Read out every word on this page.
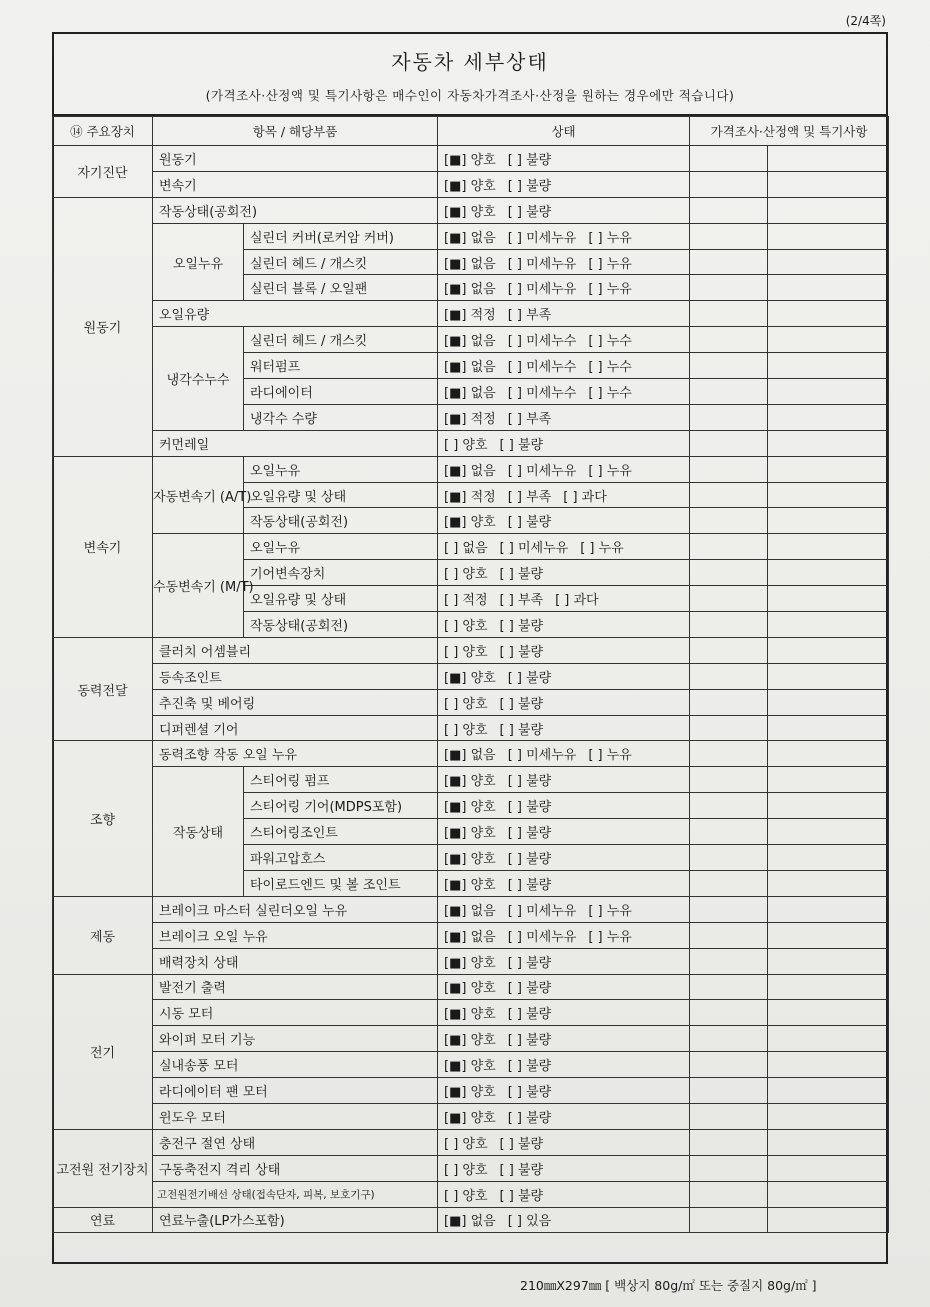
(2/4쪽)
자동차 세부상태
(가격조사·산정액 및 특기사항은 매수인이 자동차가격조사·산정을 원하는 경우에만 적습니다)
⑭ 주요장치	항목 / 해당부품		상태	가격조사·산정액 및 특기사항	
자기진단	원동기		[■] 양호 [ ] 불량		
	변속기		[■] 양호 [ ] 불량		
원동기	작동상태(공회전)		[■] 양호 [ ] 불량		
	오일누유	실린더 커버(로커암 커버)	[■] 없음 [ ] 미세누유 [ ] 누유		
		실린더 헤드 / 개스킷	[■] 없음 [ ] 미세누유 [ ] 누유		
		실린더 블록 / 오일팬	[■] 없음 [ ] 미세누유 [ ] 누유		
	오일유량		[■] 적정 [ ] 부족		
	냉각수누수	실린더 헤드 / 개스킷	[■] 없음 [ ] 미세누수 [ ] 누수		
		워터펌프	[■] 없음 [ ] 미세누수 [ ] 누수		
		라디에이터	[■] 없음 [ ] 미세누수 [ ] 누수		
		냉각수 수량	[■] 적정 [ ] 부족		
	커먼레일		[ ] 양호 [ ] 불량		
변속기	자동변속기 (A/T)	오일누유	[■] 없음 [ ] 미세누유 [ ] 누유		
		오일유량 및 상태	[■] 적정 [ ] 부족 [ ] 과다		
		작동상태(공회전)	[■] 양호 [ ] 불량		
	수동변속기 (M/T)	오일누유	[ ] 없음 [ ] 미세누유 [ ] 누유		
		기어변속장치	[ ] 양호 [ ] 불량		
		오일유량 및 상태	[ ] 적정 [ ] 부족 [ ] 과다		
		작동상태(공회전)	[ ] 양호 [ ] 불량		
동력전달	클러치 어셈블리		[ ] 양호 [ ] 불량		
	등속조인트		[■] 양호 [ ] 불량		
	추진축 및 베어링		[ ] 양호 [ ] 불량		
	디퍼렌셜 기어		[ ] 양호 [ ] 불량		
조향	동력조향 작동 오일 누유		[■] 없음 [ ] 미세누유 [ ] 누유		
	작동상태	스티어링 펌프	[■] 양호 [ ] 불량		
		스티어링 기어(MDPS포함)	[■] 양호 [ ] 불량		
		스티어링조인트	[■] 양호 [ ] 불량		
		파워고압호스	[■] 양호 [ ] 불량		
		타이로드엔드 및 볼 조인트	[■] 양호 [ ] 불량		
제동	브레이크 마스터 실린더오일 누유		[■] 없음 [ ] 미세누유 [ ] 누유		
	브레이크 오일 누유		[■] 없음 [ ] 미세누유 [ ] 누유		
	배력장치 상태		[■] 양호 [ ] 불량		
전기	발전기 출력		[■] 양호 [ ] 불량		
	시동 모터		[■] 양호 [ ] 불량		
	와이퍼 모터 기능		[■] 양호 [ ] 불량		
	실내송풍 모터		[■] 양호 [ ] 불량		
	라디에이터 팬 모터		[■] 양호 [ ] 불량		
	윈도우 모터		[■] 양호 [ ] 불량		
고전원 전기장치	충전구 절연 상태		[ ] 양호 [ ] 불량		
	구동축전지 격리 상태		[ ] 양호 [ ] 불량		
	고전원전기배선 상태(접속단자, 피복, 보호기구)		[ ] 양호 [ ] 불량		
연료	연료누출(LP가스포함)		[■] 없음 [ ] 있음		
210㎜X297㎜ [ 백상지 80g/㎡ 또는 중질지 80g/㎡ ]
